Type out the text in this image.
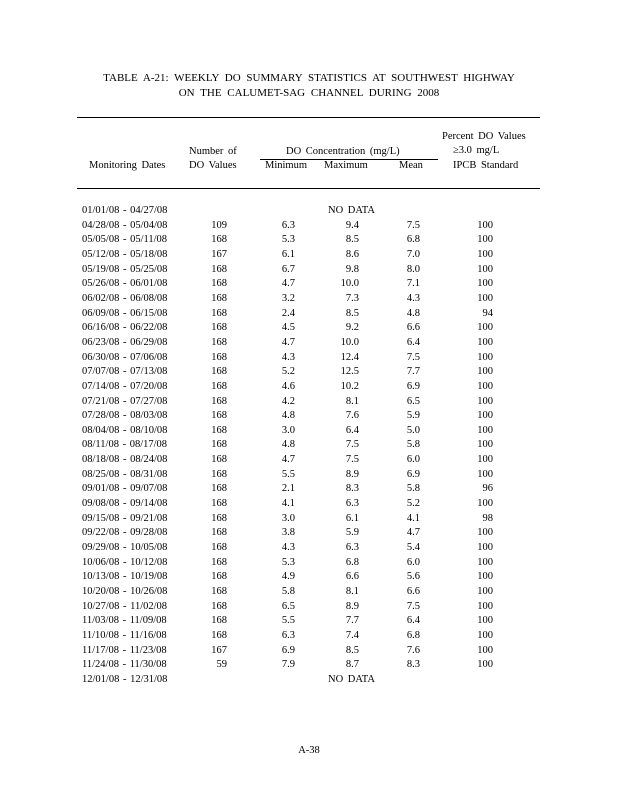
TABLE A-21: WEEKLY DO SUMMARY STATISTICS AT SOUTHWEST HIGHWAY
ON THE CALUMET-SAG CHANNEL DURING 2008
Monitoring Dates
Number of
DO Values
DO Concentration (mg/L)
Minimum Maximum	Mean
Percent DO Values
≥3.0 mg/L
IPCB Standard
01/01/08 - 04/27/08	NO DATA
04/28/08 - 05/04/08	109	6.3	9.4	7.5	100
05/05/08 - 05/11/08	168	5.3	8.5	6.8	100
05/12/08 - 05/18/08	167	6.1	8.6	7.0	100
05/19/08 - 05/25/08	168	6.7	9.8	8.0	100
05/26/08 - 06/01/08	168	4.7	10.0	7.1	100
06/02/08 - 06/08/08	168	3.2	7.3	4.3	100
06/09/08 - 06/15/08	168	2.4	8.5	4.8	94
06/16/08 - 06/22/08	168	4.5	9.2	6.6	100
06/23/08 - 06/29/08	168	4.7	10.0	6.4	100
06/30/08 - 07/06/08	168	4.3	12.4	7.5	100
07/07/08 - 07/13/08	168	5.2	12.5	7.7	100
07/14/08 - 07/20/08	168	4.6	10.2	6.9	100
07/21/08 - 07/27/08	168	4.2	8.1	6.5	100
07/28/08 - 08/03/08	168	4.8	7.6	5.9	100
08/04/08 - 08/10/08	168	3.0	6.4	5.0	100
08/11/08 - 08/17/08	168	4.8	7.5	5.8	100
08/18/08 - 08/24/08	168	4.7	7.5	6.0	100
08/25/08 - 08/31/08	168	5.5	8.9	6.9	100
09/01/08 - 09/07/08	168	2.1	8.3	5.8	96
09/08/08 - 09/14/08	168	4.1	6.3	5.2	100
09/15/08 - 09/21/08	168	3.0	6.1	4.1	98
09/22/08 - 09/28/08	168	3.8	5.9	4.7	100
09/29/08 - 10/05/08	168	4.3	6.3	5.4	100
10/06/08 - 10/12/08	168	5.3	6.8	6.0	100
10/13/08 - 10/19/08	168	4.9	6.6	5.6	100
10/20/08 - 10/26/08	168	5.8	8.1	6.6	100
10/27/08 - 11/02/08	168	6.5	8.9	7.5	100
11/03/08 - 11/09/08	168	5.5	7.7	6.4	100
11/10/08 - 11/16/08	168	6.3	7.4	6.8	100
11/17/08 - 11/23/08	167	6.9	8.5	7.6	100
11/24/08 - 11/30/08	59	7.9	8.7	8.3	100
12/01/08 - 12/31/08	NO DATA
A-38
